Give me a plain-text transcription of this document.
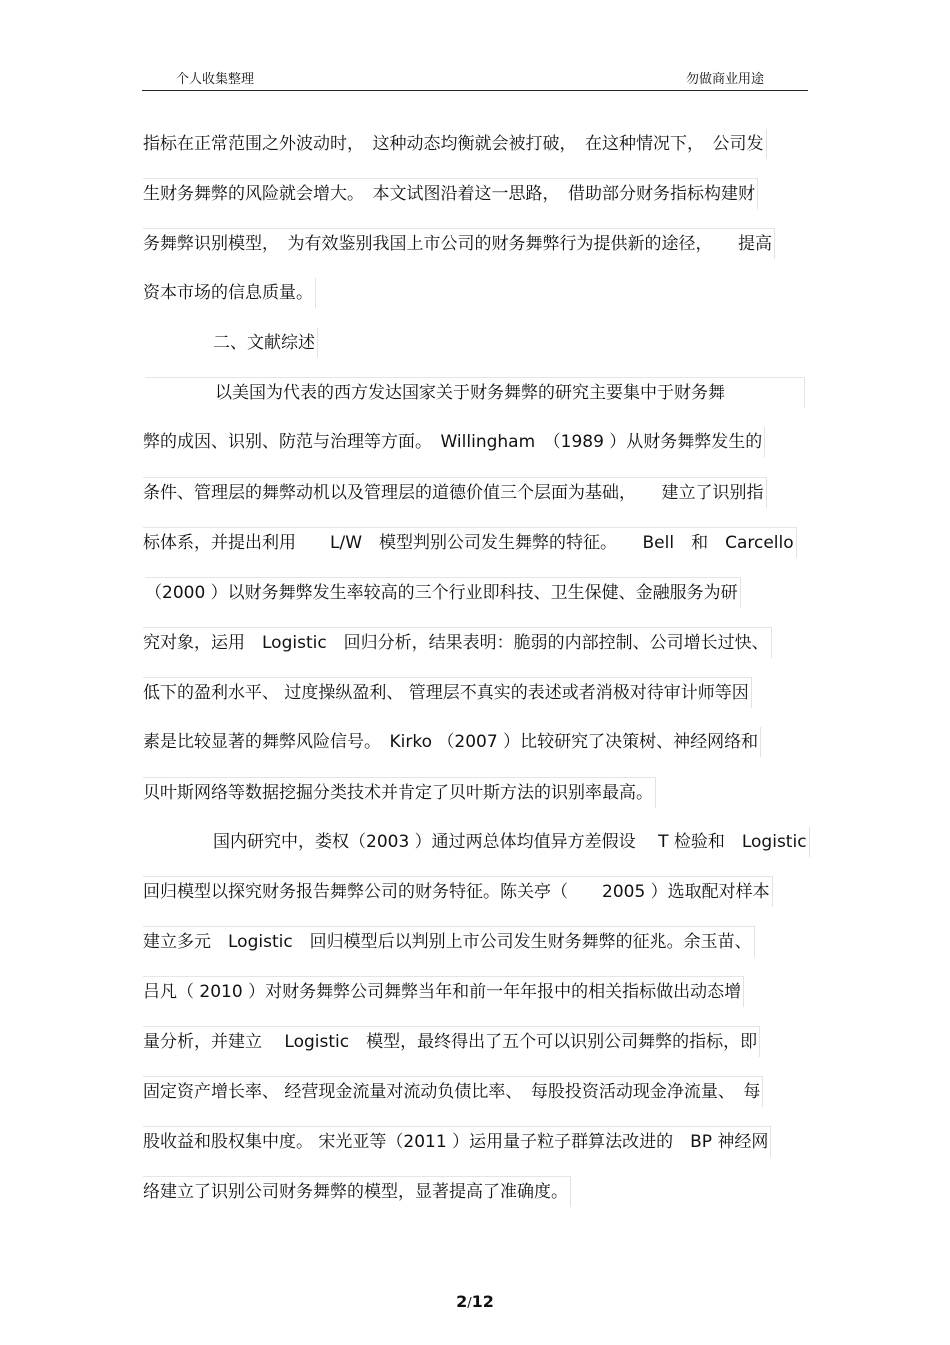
个人收集整理	勿做商业用途
指标在正常范围之外波动时，　这种动态均衡就会被打破，　在这种情况下，　公司发
生财务舞弊的风险就会增大。　本文试图沿着这一思路，　借助部分财务指标构建财
务舞弊识别模型，　为有效鉴别我国上市公司的财务舞弊行为提供新的途径，　　提高
资本市场的信息质量。
二、文献综述
以美国为代表的西方发达国家关于财务舞弊的研究主要集中于财务舞
弊的成因、识别、防范与治理等方面。　Willingham　（1989 ）从财务舞弊发生的
条件、管理层的舞弊动机以及管理层的道德价值三个层面为基础，　　建立了识别指
标体系，并提出利用　　L/W　模型判别公司发生舞弊的特征。　　Bell　和　Carcello
（2000 ）以财务舞弊发生率较高的三个行业即科技、卫生保健、金融服务为研
究对象，运用　Logistic　回归分析，结果表明：脆弱的内部控制、公司增长过快、
低下的盈利水平、 过度操纵盈利、 管理层不真实的表述或者消极对待审计师等因
素是比较显著的舞弊风险信号。　Kirko （2007 ）比较研究了决策树、神经网络和
贝叶斯网络等数据挖掘分类技术并肯定了贝叶斯方法的识别率最高。
国内研究中，娄权（2003 ）通过两总体均值异方差假设　 T 检验和　Logistic
回归模型以探究财务报告舞弊公司的财务特征。陈关亭（　　2005 ）选取配对样本
建立多元　Logistic　回归模型后以判别上市公司发生财务舞弊的征兆。余玉苗、
吕凡（ 2010 ）对财务舞弊公司舞弊当年和前一年年报中的相关指标做出动态增
量分析，并建立　 Logistic　模型，最终得出了五个可以识别公司舞弊的指标，即
固定资产增长率、 经营现金流量对流动负债比率、　每股投资活动现金净流量、　每
股收益和股权集中度。 宋光亚等（2011 ）运用量子粒子群算法改进的　BP 神经网
络建立了识别公司财务舞弊的模型，显著提高了准确度。
2/12
